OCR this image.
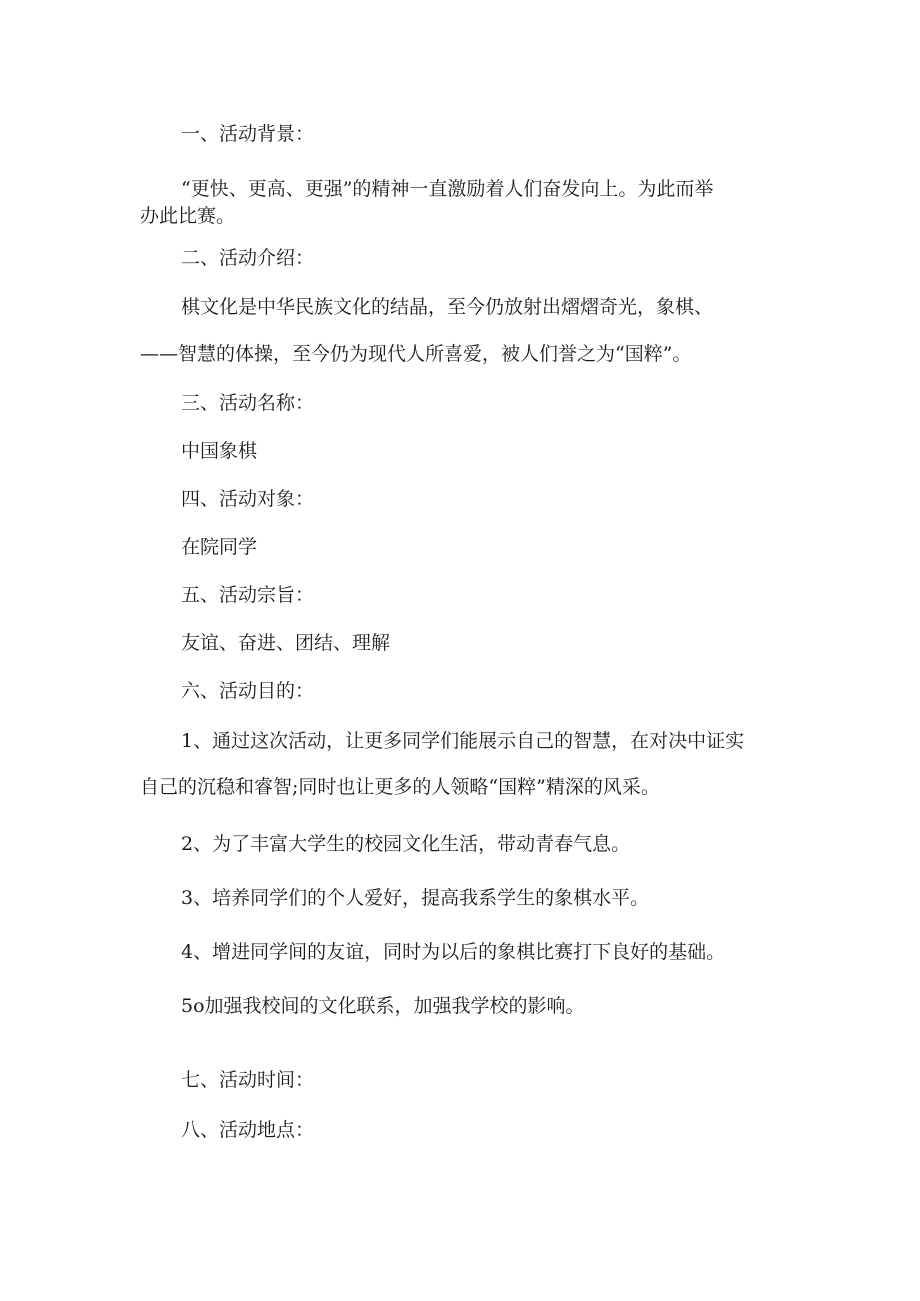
一、活动背景：

“更快、更高、更强”的精神一直激励着人们奋发向上。为此而举

办此比赛。

二、活动介绍：

棋文化是中华民族文化的结晶，至今仍放射出熠熠奇光，象棋、

——智慧的体操，至今仍为现代人所喜爱，被人们誉之为“国粹”。

三、活动名称：

中国象棋

四、活动对象：

在院同学

五、活动宗旨：

友谊、奋进、团结、理解

六、活动目的：

1、通过这次活动，让更多同学们能展示自己的智慧，在对决中证实

自己的沉稳和睿智;同时也让更多的人领略“国粹”精深的风采。

2、为了丰富大学生的校园文化生活，带动青春气息。

3、培养同学们的个人爱好，提高我系学生的象棋水平。

4、增进同学间的友谊，同时为以后的象棋比赛打下良好的基础。

5o加强我校间的文化联系，加强我学校的影响。

七、活动时间：

八、活动地点：
